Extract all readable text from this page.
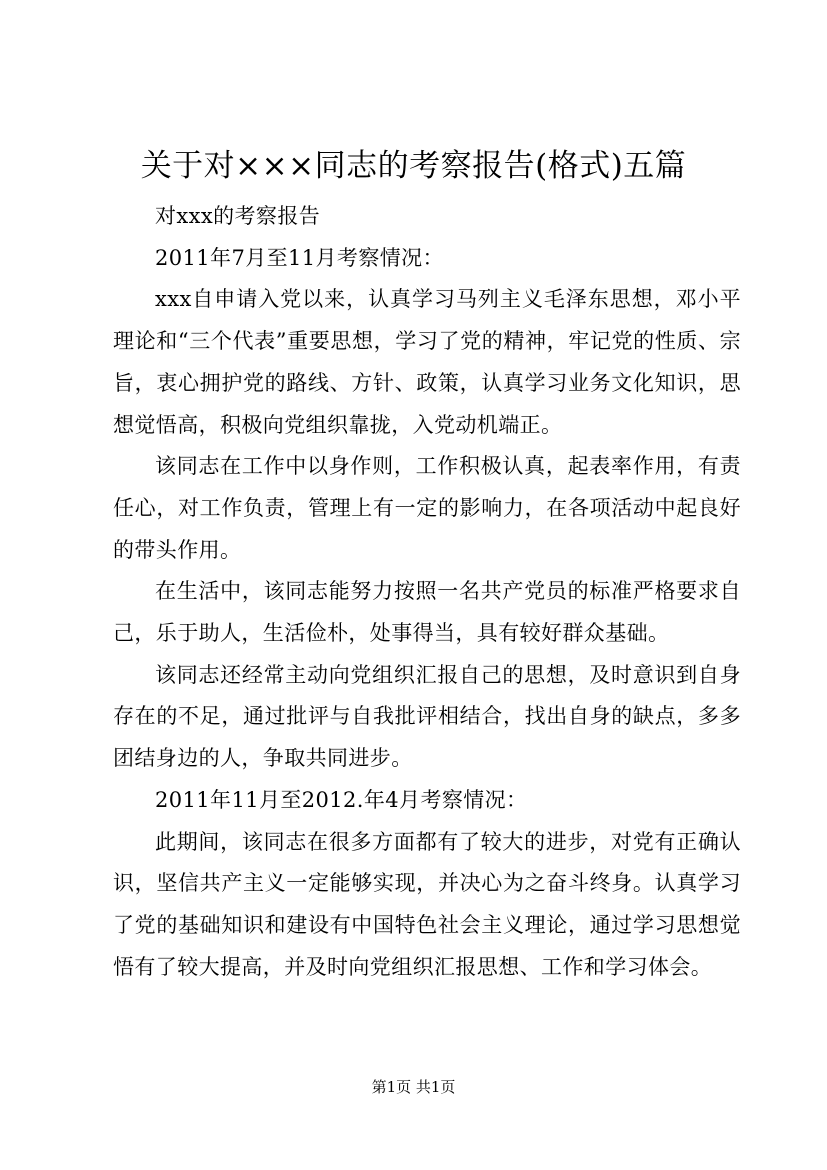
关于对×××同志的考察报告(格式)五篇

对xxx的考察报告

2011年7月至11月考察情况：

xxx自申请入党以来，认真学习马列主义毛泽东思想，邓小平理论和“三个代表”重要思想，学习了党的精神，牢记党的性质、宗旨，衷心拥护党的路线、方针、政策，认真学习业务文化知识，思想觉悟高，积极向党组织靠拢，入党动机端正。

该同志在工作中以身作则，工作积极认真，起表率作用，有责任心，对工作负责，管理上有一定的影响力，在各项活动中起良好的带头作用。

在生活中，该同志能努力按照一名共产党员的标准严格要求自己，乐于助人，生活俭朴，处事得当，具有较好群众基础。

该同志还经常主动向党组织汇报自己的思想，及时意识到自身存在的不足，通过批评与自我批评相结合，找出自身的缺点，多多团结身边的人，争取共同进步。

2011年11月至2012.年4月考察情况：

此期间，该同志在很多方面都有了较大的进步，对党有正确认识，坚信共产主义一定能够实现，并决心为之奋斗终身。认真学习了党的基础知识和建设有中国特色社会主义理论，通过学习思想觉悟有了较大提高，并及时向党组织汇报思想、工作和学习体会。

第1页 共1页
